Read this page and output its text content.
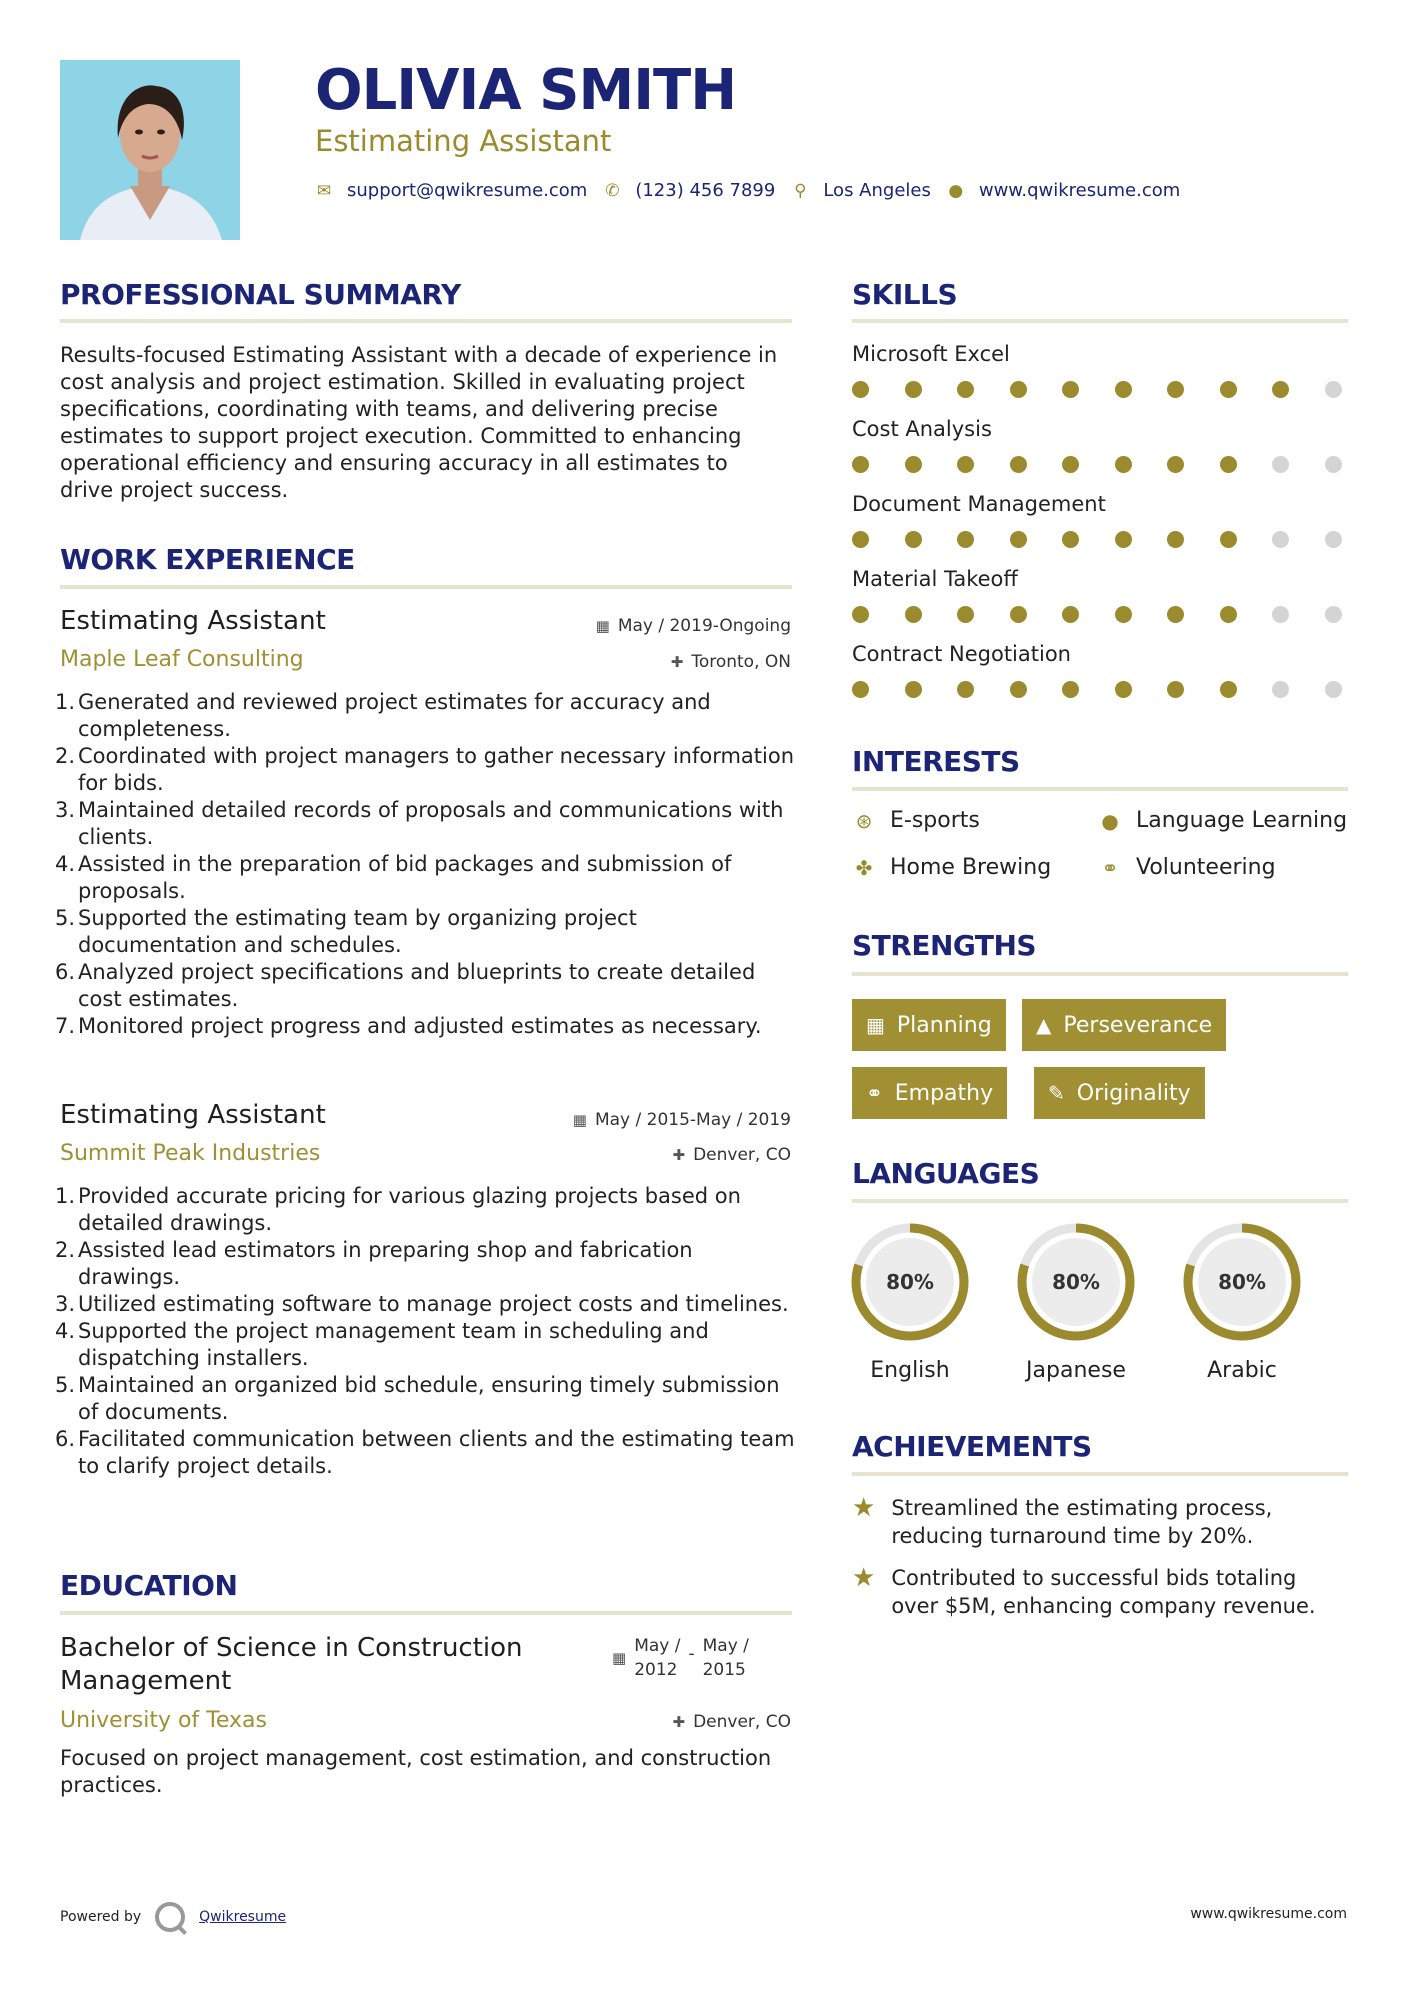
OLIVIA SMITH
Estimating Assistant
✉ support@qwikresume.com ✆ (123) 456 7899 ⚲ Los Angeles ● www.qwikresume.com
PROFESSIONAL SUMMARY
Results-focused Estimating Assistant with a decade of experience in cost analysis and project estimation. Skilled in evaluating project specifications, coordinating with teams, and delivering precise estimates to support project execution. Committed to enhancing operational efficiency and ensuring accuracy in all estimates to drive project success.
WORK EXPERIENCE
Estimating Assistant	▦ May / 2019-Ongoing
Maple Leaf Consulting	✚ Toronto, ON
1. Generated and reviewed project estimates for accuracy and completeness.
2. Coordinated with project managers to gather necessary information for bids.
3. Maintained detailed records of proposals and communications with clients.
4. Assisted in the preparation of bid packages and submission of proposals.
5. Supported the estimating team by organizing project documentation and schedules.
6. Analyzed project specifications and blueprints to create detailed cost estimates.
7. Monitored project progress and adjusted estimates as necessary.
Estimating Assistant	▦ May / 2015-May / 2019
Summit Peak Industries	✚ Denver, CO
1. Provided accurate pricing for various glazing projects based on detailed drawings.
2. Assisted lead estimators in preparing shop and fabrication drawings.
3. Utilized estimating software to manage project costs and timelines.
4. Supported the project management team in scheduling and dispatching installers.
5. Maintained an organized bid schedule, ensuring timely submission of documents.
6. Facilitated communication between clients and the estimating team to clarify project details.
EDUCATION
Bachelor of Science in Construction Management
▦
May /
2012
- May /
2015
University of Texas	✚ Denver, CO
Focused on project management, cost estimation, and construction practices.
SKILLS
Microsoft Excel
Cost Analysis
Document Management
Material Takeoff
Contract Negotiation
INTERESTS
⊛ E-sports	● Language Learning
✤ Home Brewing	⚭ Volunteering
STRENGTHS
▦ Planning ▲ Perseverance
⚭ Empathy	✎ Originality
LANGUAGES
80%
English
80%
Japanese
80%
Arabic
ACHIEVEMENTS
★ Streamlined the estimating process, reducing turnaround time by 20%.
★ Contributed to successful bids totaling over $5M, enhancing company revenue.
Powered by	Qwikresume	www.qwikresume.com
